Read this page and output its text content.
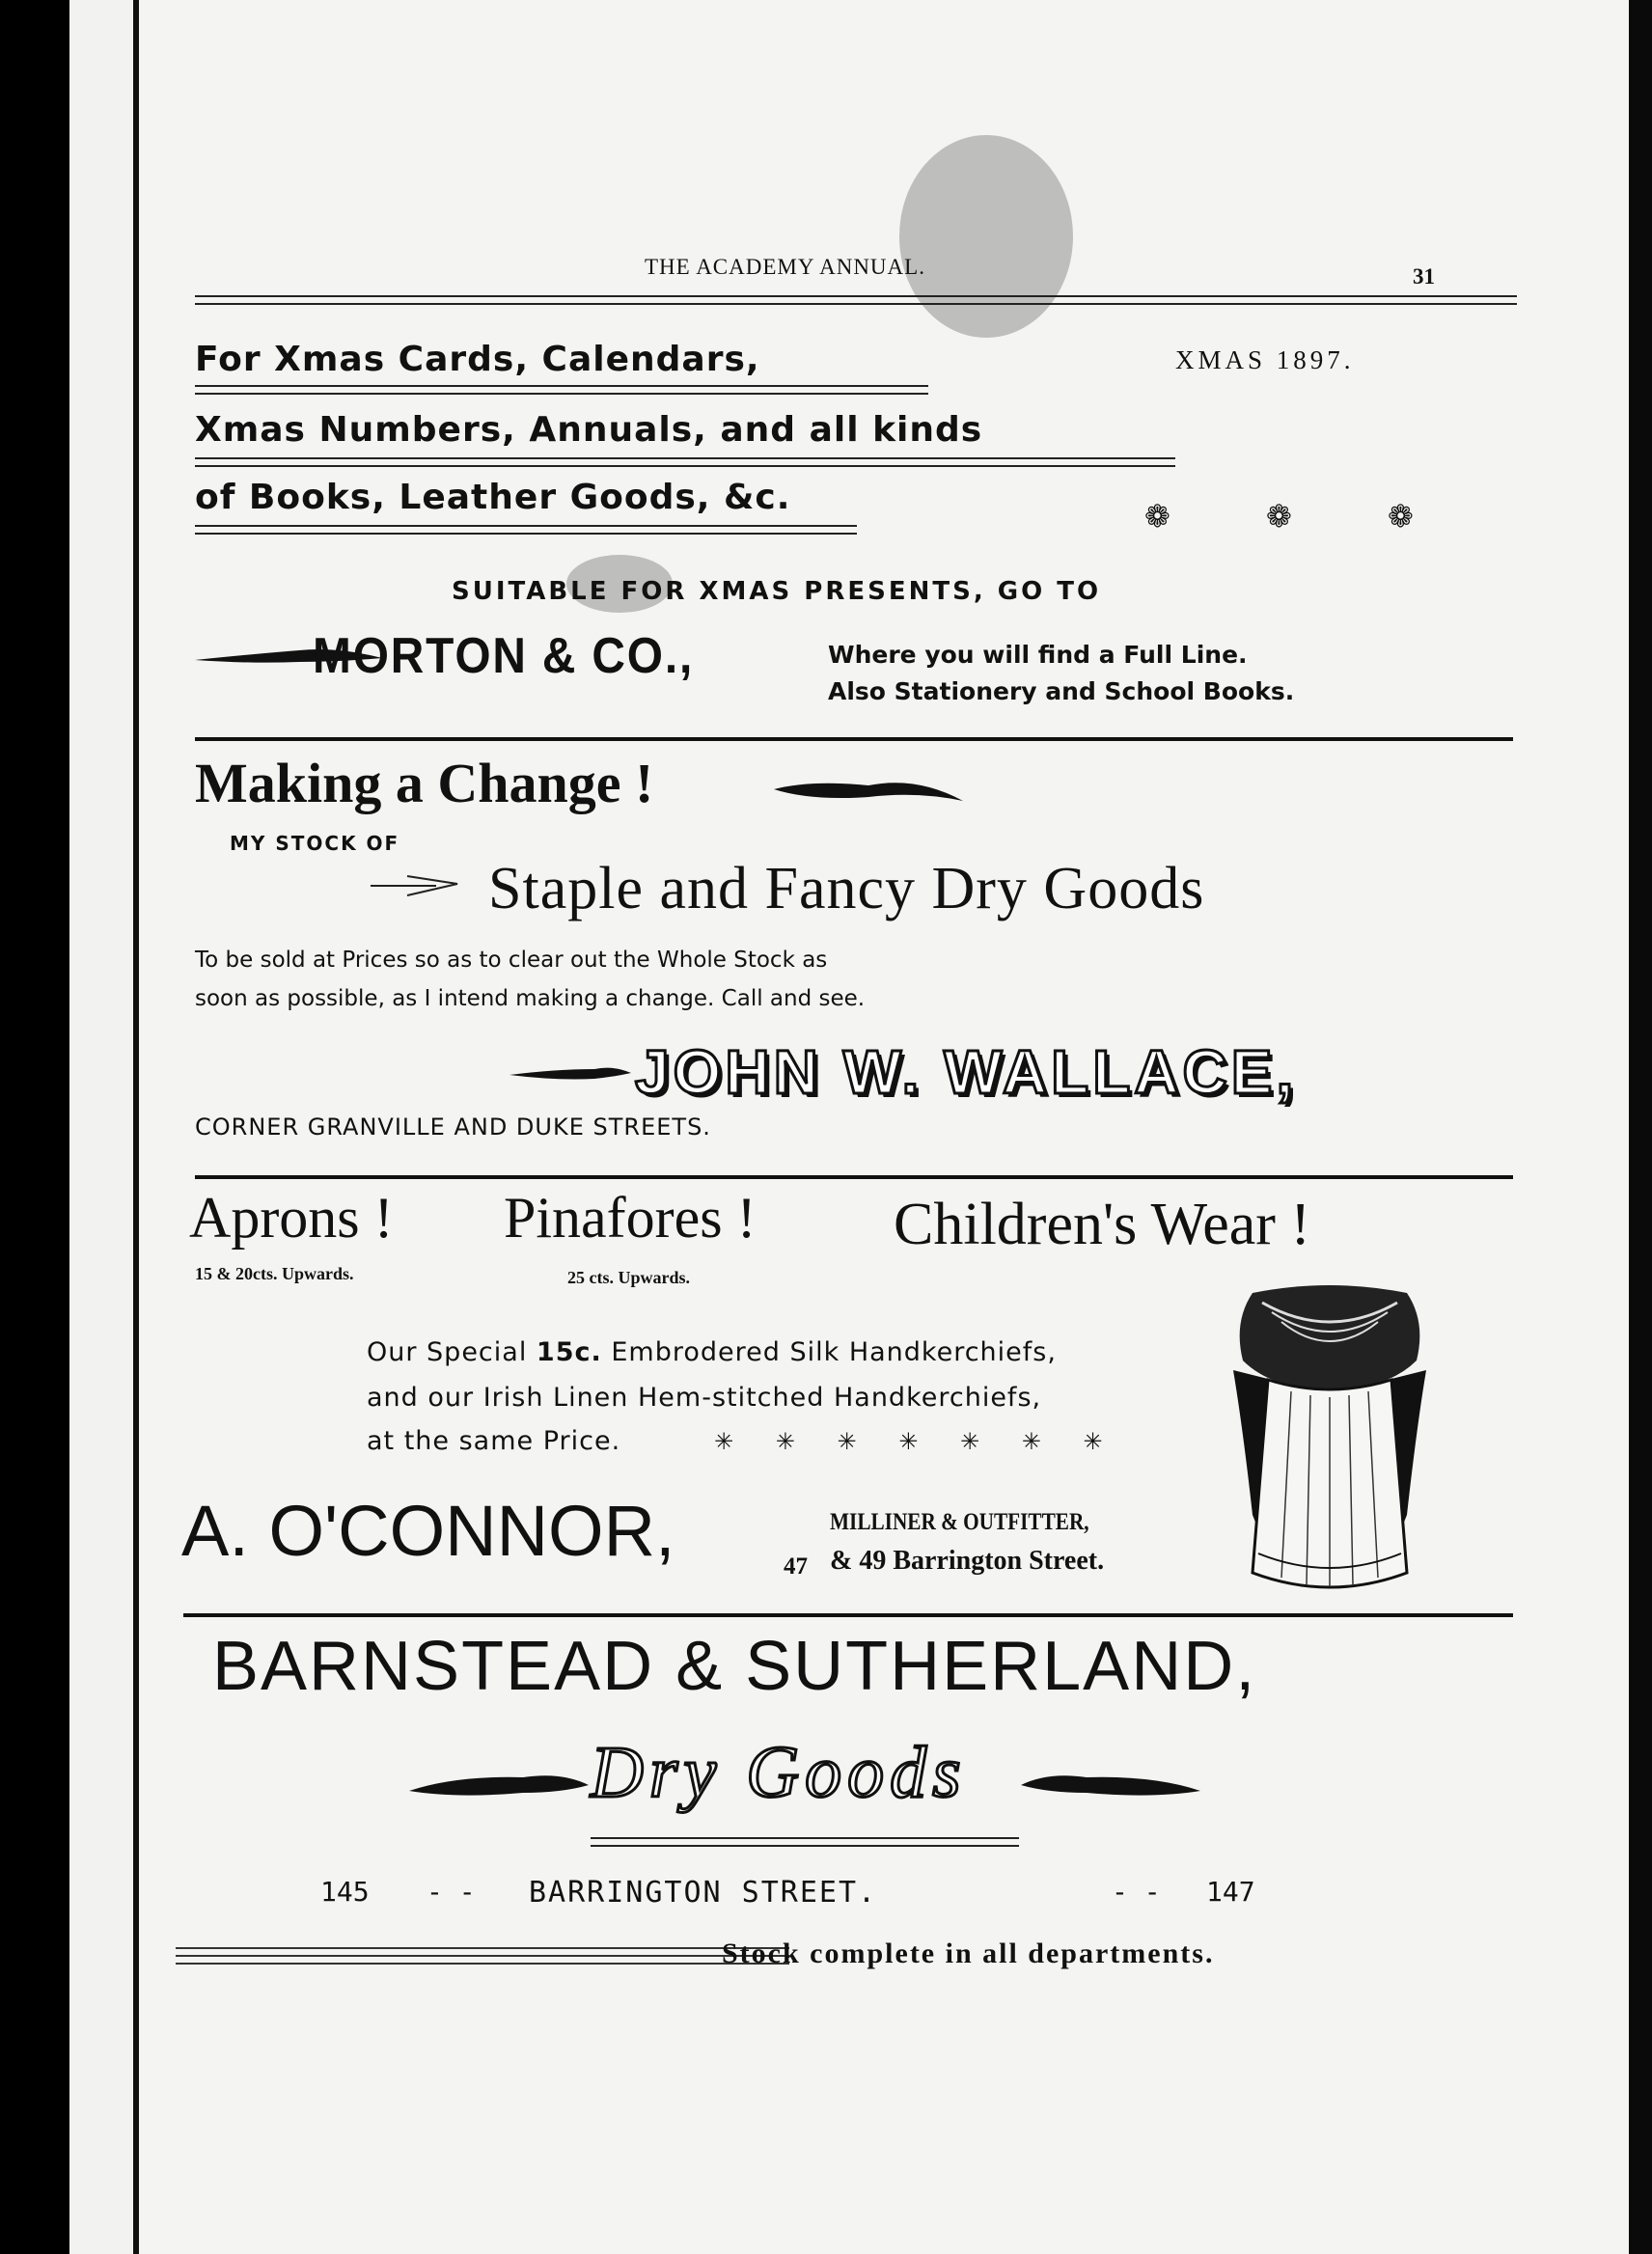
THE ACADEMY ANNUAL.	31
For Xmas Cards, Calendars,	XMAS 1897.
Xmas Numbers, Annuals, and all kinds
of Books, Leather Goods, &c.	❁	❁	❁
SUITABLE FOR XMAS PRESENTS, GO TO
MORTON & CO.,	Where you will find a Full Line.
Also Stationery and School Books.
Making a Change !
MY STOCK OF
Staple and Fancy Dry Goods
To be sold at Prices so as to clear out the Whole Stock as
soon as possible, as I intend making a change. Call and see.
JOHN W. WALLACE,
CORNER GRANVILLE AND DUKE STREETS.
Aprons ! Pinafores ! Children's Wear !
15 & 20cts. Upwards.	25 cts. Upwards.
Our Special 15c. Embrodered Silk Handkerchiefs,
and our Irish Linen Hem-stitched Handkerchiefs,
at the same Price.	✳ ✳ ✳ ✳ ✳ ✳ ✳
A. O'CONNOR,	MILLINER & OUTFITTER,
47 & 49 Barrington Street.
BARNSTEAD & SUTHERLAND,
Dry Goods
145 - - BARRINGTON STREET.	- - 147
Stock complete in all departments.
